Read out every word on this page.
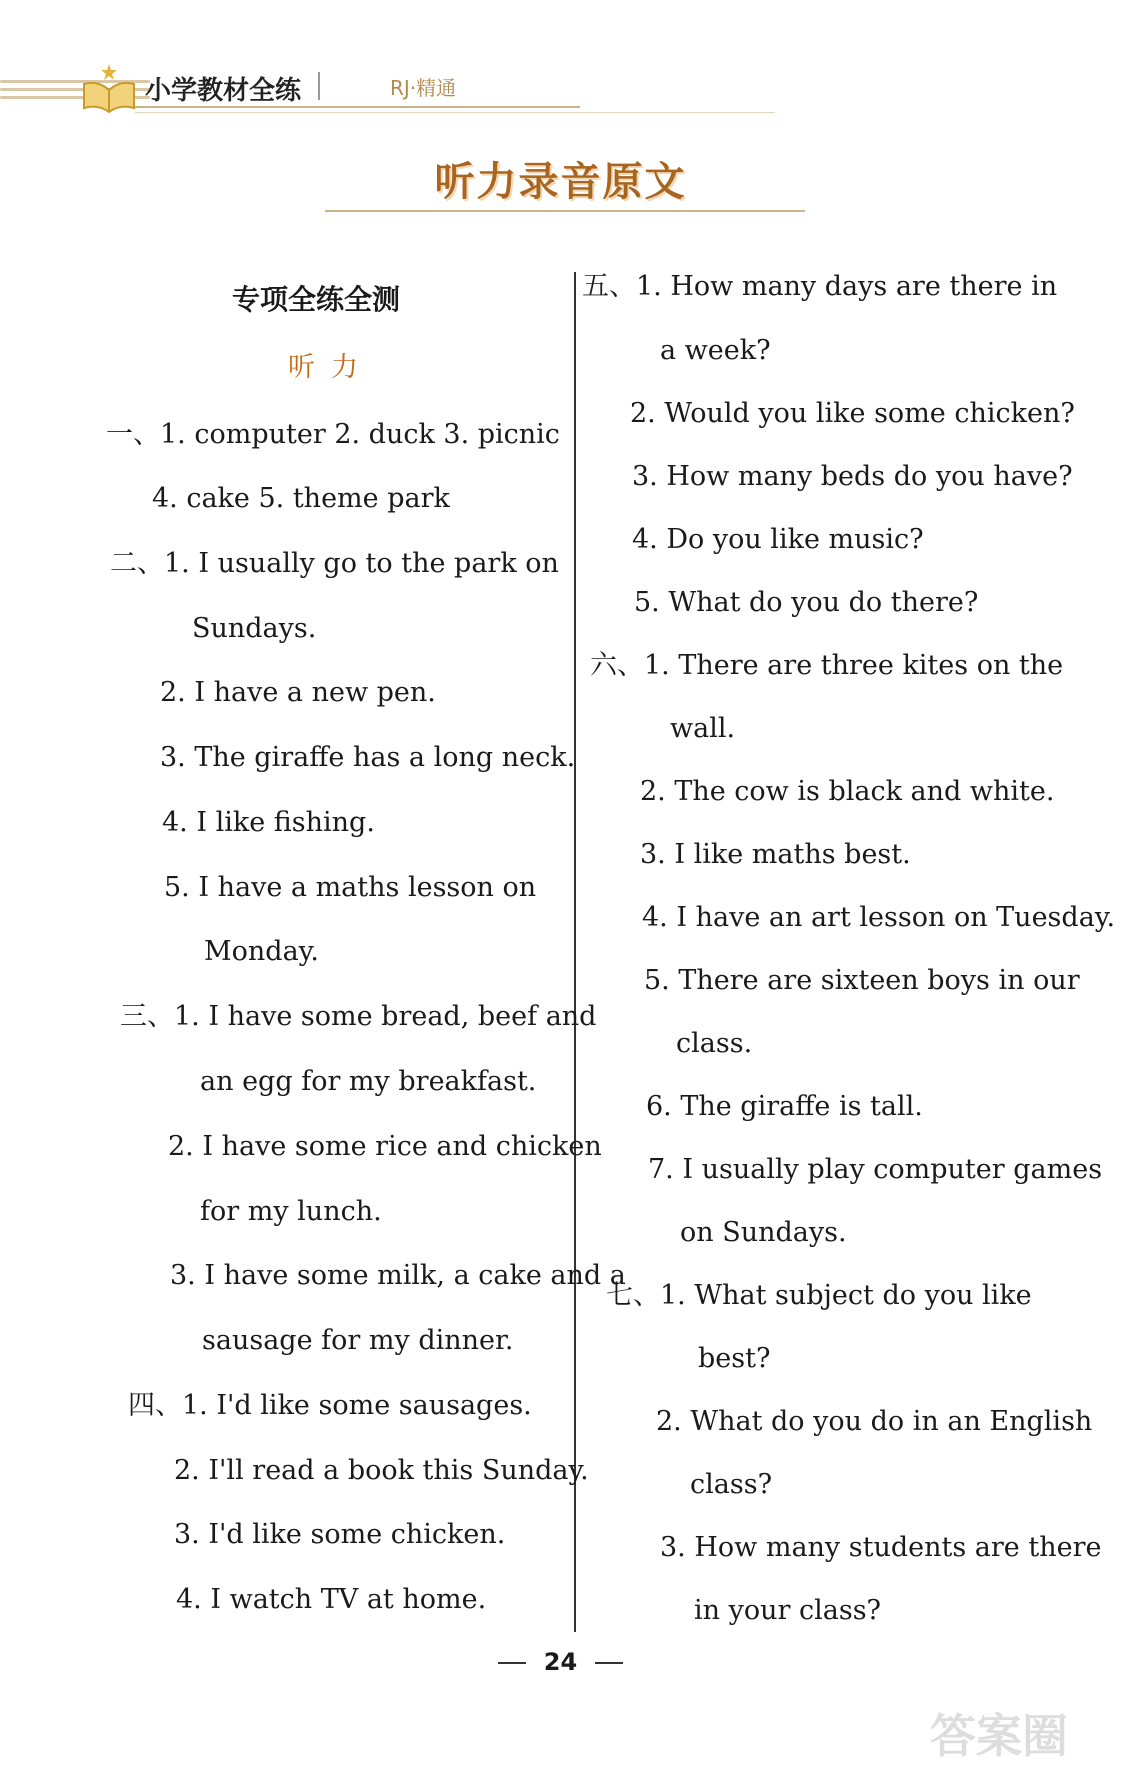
小学教材全练	RJ·精通
听力录音原文
专项全练全测
听力
一、1. computer 2. duck 3. picnic
4. cake 5. theme park
二、1. I usually go to the park on
Sundays.
2. I have a new pen.
3. The giraffe has a long neck.
4. I like fishing.
5. I have a maths lesson on
Monday.
三、1. I have some bread, beef and
an egg for my breakfast.
2. I have some rice and chicken
for my lunch.
3. I have some milk, a cake and a
sausage for my dinner.
四、1. I'd like some sausages.
2. I'll read a book this Sunday.
3. I'd like some chicken.
4. I watch TV at home.
五、1. How many days are there in
a week?
2. Would you like some chicken?
3. How many beds do you have?
4. Do you like music?
5. What do you do there?
六、1. There are three kites on the
wall.
2. The cow is black and white.
3. I like maths best.
4. I have an art lesson on Tuesday.
5. There are sixteen boys in our
class.
6. The giraffe is tall.
7. I usually play computer games
on Sundays.
七、1. What subject do you like
best?
2. What do you do in an English
class?
3. How many students are there
in your class?
24
答案圈
